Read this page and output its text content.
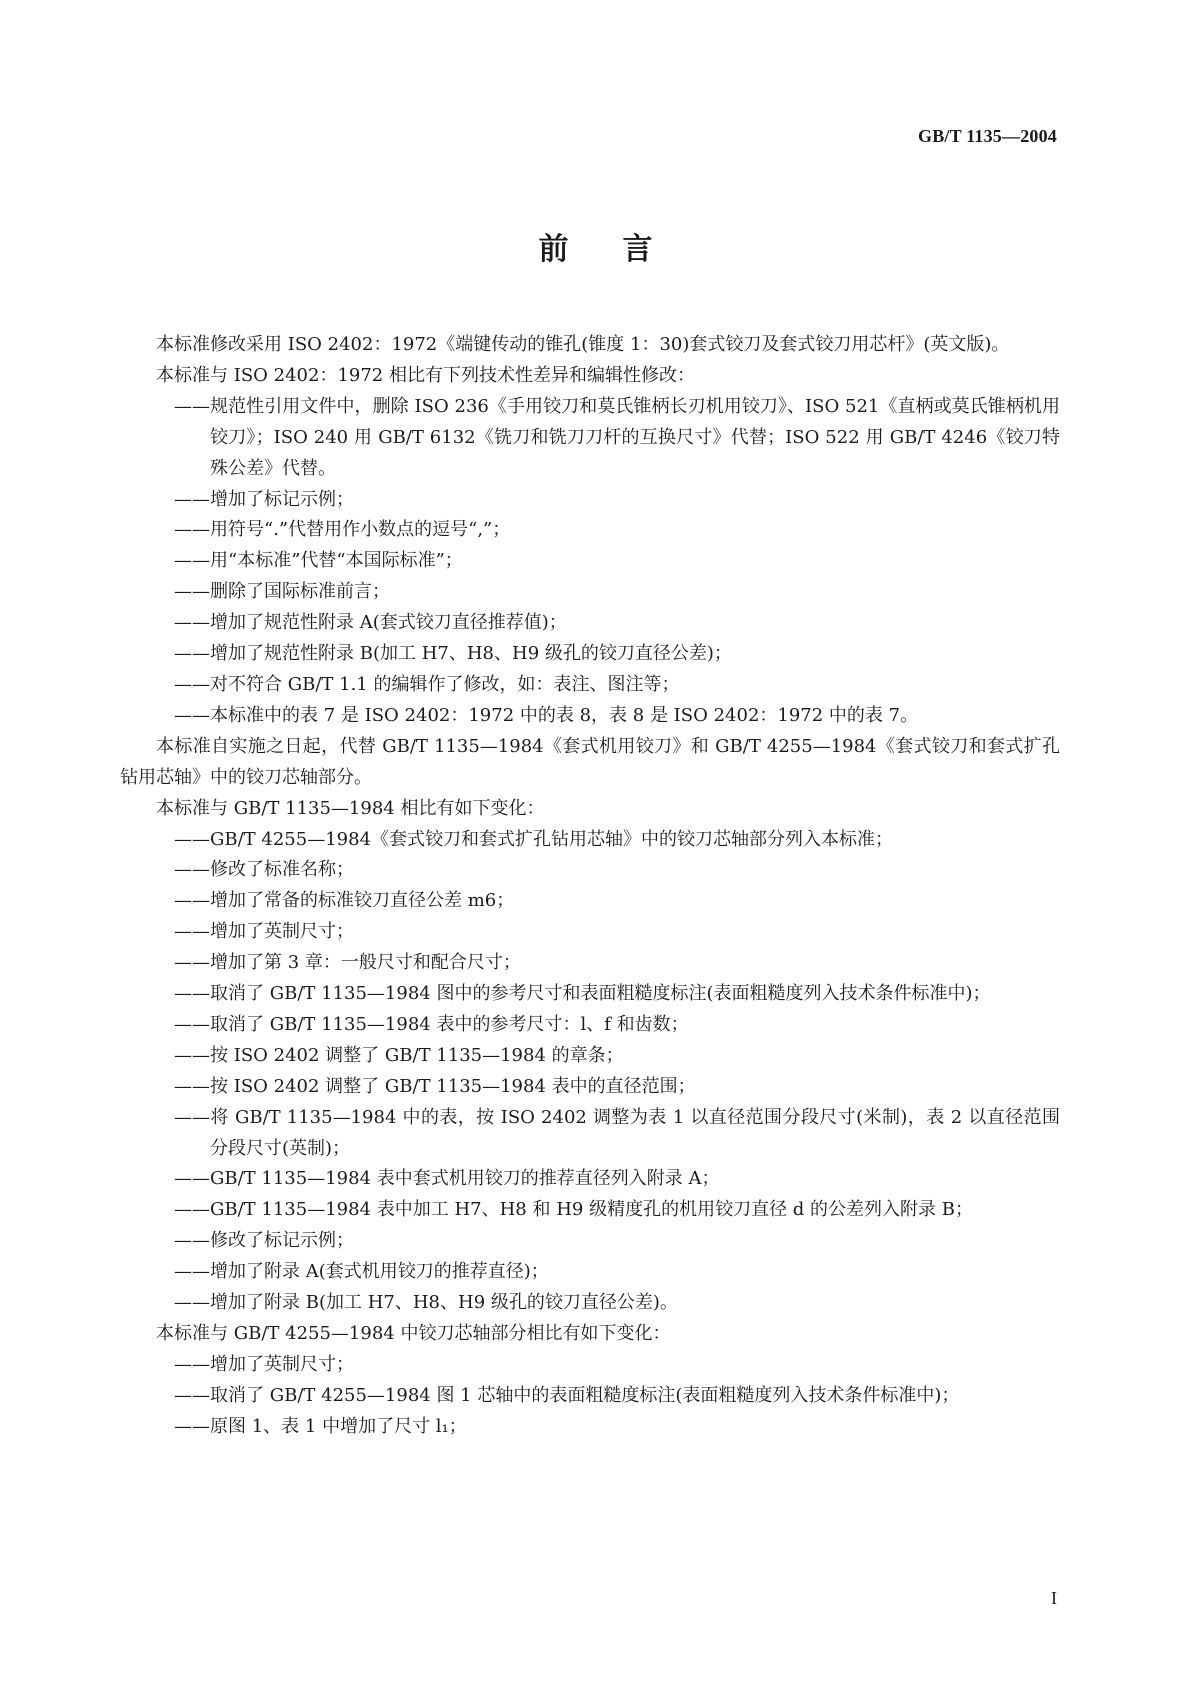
GB/T 1135—2004
前言

本标准修改采用 ISO 2402：1972《端键传动的锥孔(锥度 1：30)套式铰刀及套式铰刀用芯杆》(英文版)。

本标准与 ISO 2402：1972 相比有下列技术性差异和编辑性修改：

——规范性引用文件中，删除 ISO 236《手用铰刀和莫氏锥柄长刃机用铰刀》、ISO 521《直柄或莫氏锥柄机用铰刀》；ISO 240 用 GB/T 6132《铣刀和铣刀刀杆的互换尺寸》代替；ISO 522 用 GB/T 4246《铰刀特殊公差》代替。

——增加了标记示例；

——用符号“.”代替用作小数点的逗号“,”；

——用“本标准”代替“本国际标准”；

——删除了国际标准前言；

——增加了规范性附录 A(套式铰刀直径推荐值)；

——增加了规范性附录 B(加工 H7、H8、H9 级孔的铰刀直径公差)；

——对不符合 GB/T 1.1 的编辑作了修改，如：表注、图注等；

——本标准中的表 7 是 ISO 2402：1972 中的表 8，表 8 是 ISO 2402：1972 中的表 7。

本标准自实施之日起，代替 GB/T 1135—1984《套式机用铰刀》和 GB/T 4255—1984《套式铰刀和套式扩孔钻用芯轴》中的铰刀芯轴部分。

本标准与 GB/T 1135—1984 相比有如下变化：

——GB/T 4255—1984《套式铰刀和套式扩孔钻用芯轴》中的铰刀芯轴部分列入本标准；

——修改了标准名称；

——增加了常备的标准铰刀直径公差 m6；

——增加了英制尺寸；

——增加了第 3 章：一般尺寸和配合尺寸；

——取消了 GB/T 1135—1984 图中的参考尺寸和表面粗糙度标注(表面粗糙度列入技术条件标准中)；

——取消了 GB/T 1135—1984 表中的参考尺寸：l、f 和齿数；

——按 ISO 2402 调整了 GB/T 1135—1984 的章条；

——按 ISO 2402 调整了 GB/T 1135—1984 表中的直径范围；

——将 GB/T 1135—1984 中的表，按 ISO 2402 调整为表 1 以直径范围分段尺寸(米制)，表 2 以直径范围分段尺寸(英制)；

——GB/T 1135—1984 表中套式机用铰刀的推荐直径列入附录 A；

——GB/T 1135—1984 表中加工 H7、H8 和 H9 级精度孔的机用铰刀直径 d 的公差列入附录 B；

——修改了标记示例；

——增加了附录 A(套式机用铰刀的推荐直径)；

——增加了附录 B(加工 H7、H8、H9 级孔的铰刀直径公差)。

本标准与 GB/T 4255—1984 中铰刀芯轴部分相比有如下变化：

——增加了英制尺寸；

——取消了 GB/T 4255—1984 图 1 芯轴中的表面粗糙度标注(表面粗糙度列入技术条件标准中)；

——原图 1、表 1 中增加了尺寸 l₁；

I
